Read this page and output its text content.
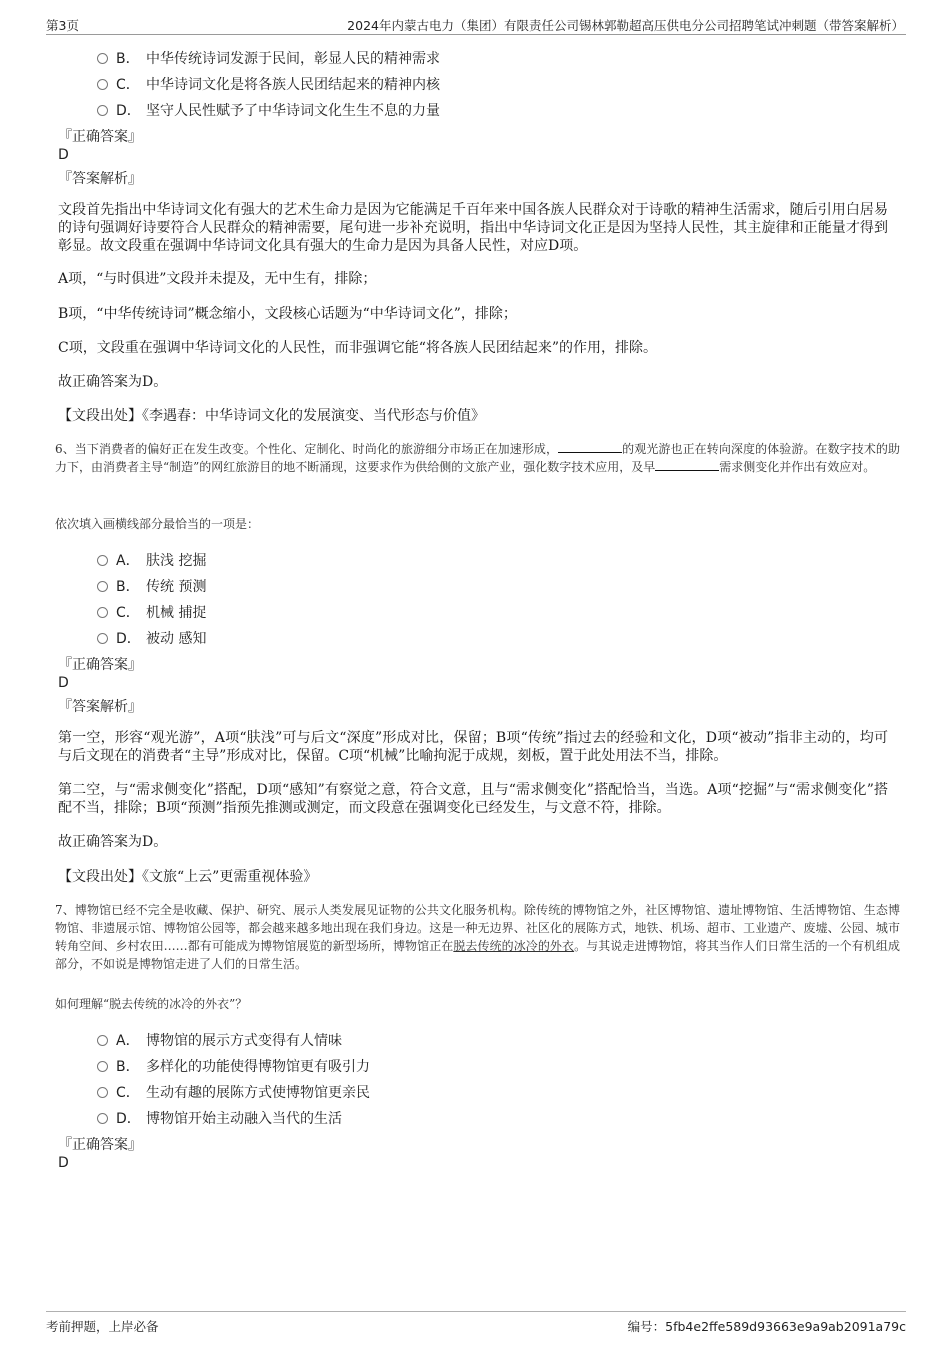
第3页	2024年内蒙古电力（集团）有限责任公司锡林郭勒超高压供电分公司招聘笔试冲刺题（带答案解析）
B． 中华传统诗词发源于民间，彰显人民的精神需求
C． 中华诗词文化是将各族人民团结起来的精神内核
D． 坚守人民性赋予了中华诗词文化生生不息的力量
『正确答案』
D
『答案解析』
文段首先指出中华诗词文化有强大的艺术生命力是因为它能满足千百年来中国各族人民群众对于诗歌的精神生活需求，随后引用白居易的诗句强调好诗要符合人民群众的精神需要，尾句进一步补充说明，指出中华诗词文化正是因为坚持人民性，其主旋律和正能量才得到彰显。故文段重在强调中华诗词文化具有强大的生命力是因为具备人民性，对应D项。
A项，“与时俱进”文段并未提及，无中生有，排除；
B项，“中华传统诗词”概念缩小，文段核心话题为“中华诗词文化”，排除；
C项，文段重在强调中华诗词文化的人民性，而非强调它能“将各族人民团结起来”的作用，排除。
故正确答案为D。
【文段出处】《李遇春：中华诗词文化的发展演变、当代形态与价值》
6、当下消费者的偏好正在发生改变。个性化、定制化、时尚化的旅游细分市场正在加速形成，	的观光游也正在转向深度的体验游。在数字技术的助力下，由消费者主导“制造”的网红旅游目的地不断涌现，这要求作为供给侧的文旅产业，强化数字技术应用，及早	需求侧变化并作出有效应对。
依次填入画横线部分最恰当的一项是：
A． 肤浅 挖掘
B． 传统 预测
C． 机械 捕捉
D． 被动 感知
『正确答案』
D
『答案解析』
第一空，形容“观光游”，A项“肤浅”可与后文“深度”形成对比，保留；B项“传统”指过去的经验和文化，D项“被动”指非主动的，均可与后文现在的消费者“主导”形成对比，保留。C项“机械”比喻拘泥于成规，刻板，置于此处用法不当，排除。
第二空，与“需求侧变化”搭配，D项“感知”有察觉之意，符合文意，且与“需求侧变化”搭配恰当，当选。A项“挖掘”与“需求侧变化”搭配不当，排除；B项“预测”指预先推测或测定，而文段意在强调变化已经发生，与文意不符，排除。
故正确答案为D。
【文段出处】《文旅“上云”更需重视体验》
7、博物馆已经不完全是收藏、保护、研究、展示人类发展见证物的公共文化服务机构。除传统的博物馆之外，社区博物馆、遗址博物馆、生活博物馆、生态博物馆、非遗展示馆、博物馆公园等，都会越来越多地出现在我们身边。这是一种无边界、社区化的展陈方式，地铁、机场、超市、工业遗产、废墟、公园、城市转角空间、乡村农田……都有可能成为博物馆展览的新型场所，博物馆正在脱去传统的冰冷的外衣。与其说走进博物馆，将其当作人们日常生活的一个有机组成部分，不如说是博物馆走进了人们的日常生活。
如何理解“脱去传统的冰冷的外衣”？
A． 博物馆的展示方式变得有人情味
B． 多样化的功能使得博物馆更有吸引力
C． 生动有趣的展陈方式使博物馆更亲民
D． 博物馆开始主动融入当代的生活
『正确答案』
D
考前押题，上岸必备	编号：5fb4e2ffe589d93663e9a9ab2091a79c
